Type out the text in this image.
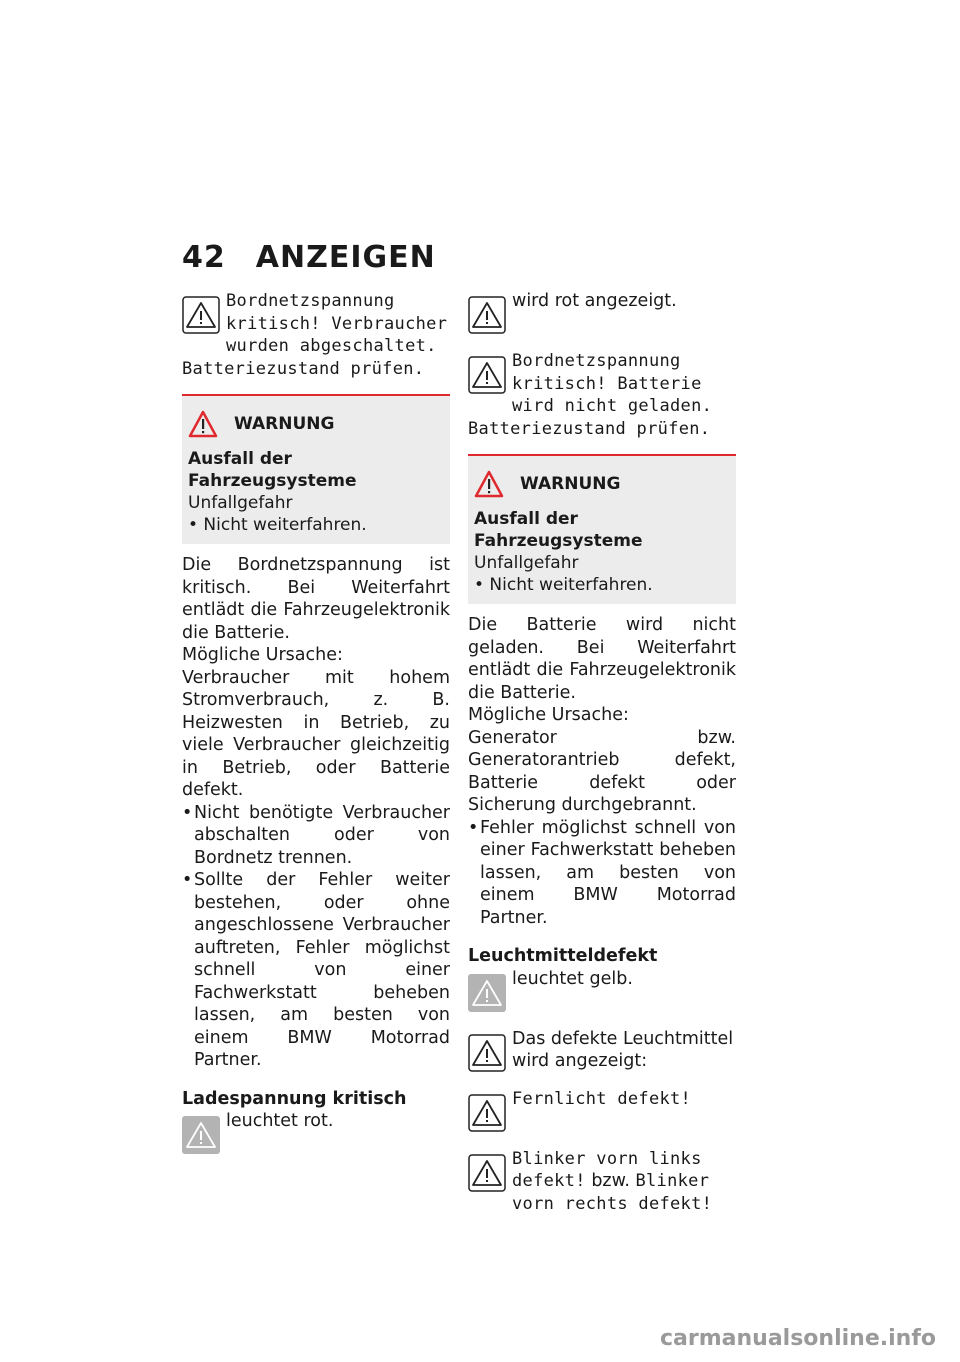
42 ANZEIGEN
Bordnetzspannung kritisch! Verbraucher wurden abgeschaltet. Batteriezustand prüfen.
WARNUNG
Ausfall der Fahrzeugsysteme
Unfallgefahr
• Nicht weiterfahren.

Die Bordnetzspannung ist kritisch. Bei Weiterfahrt entlädt die Fahrzeugelektronik die Batterie.

Mögliche Ursache:

Verbraucher mit hohem Stromverbrauch, z. B. Heizwesten in Betrieb, zu viele Verbraucher gleichzeitig in Betrieb, oder Batterie defekt.

• Nicht benötigte Verbraucher abschalten oder von Bordnetz trennen.
• Sollte der Fehler weiter bestehen, oder ohne angeschlossene Verbraucher auftreten, Fehler möglichst schnell von einer Fachwerkstatt beheben lassen, am besten von einem BMW Motorrad Partner.

Ladespannung kritisch

leuchtet rot.
wird rot angezeigt.
Bordnetzspannung kritisch! Batterie wird nicht geladen. Batteriezustand prüfen.
WARNUNG
Ausfall der Fahrzeugsysteme
Unfallgefahr
• Nicht weiterfahren.

Die Batterie wird nicht geladen. Bei Weiterfahrt entlädt die Fahrzeugelektronik die Batterie.

Mögliche Ursache:

Generator bzw. Generatorantrieb defekt, Batterie defekt oder Sicherung durchgebrannt.

• Fehler möglichst schnell von einer Fachwerkstatt beheben lassen, am besten von einem BMW Motorrad Partner.

Leuchtmitteldefekt

leuchtet gelb.
Das defekte Leuchtmittel wird angezeigt:
Fernlicht defekt!
Blinker vorn links defekt! bzw. Blinker vorn rechts defekt!
carmanualsonline.info
